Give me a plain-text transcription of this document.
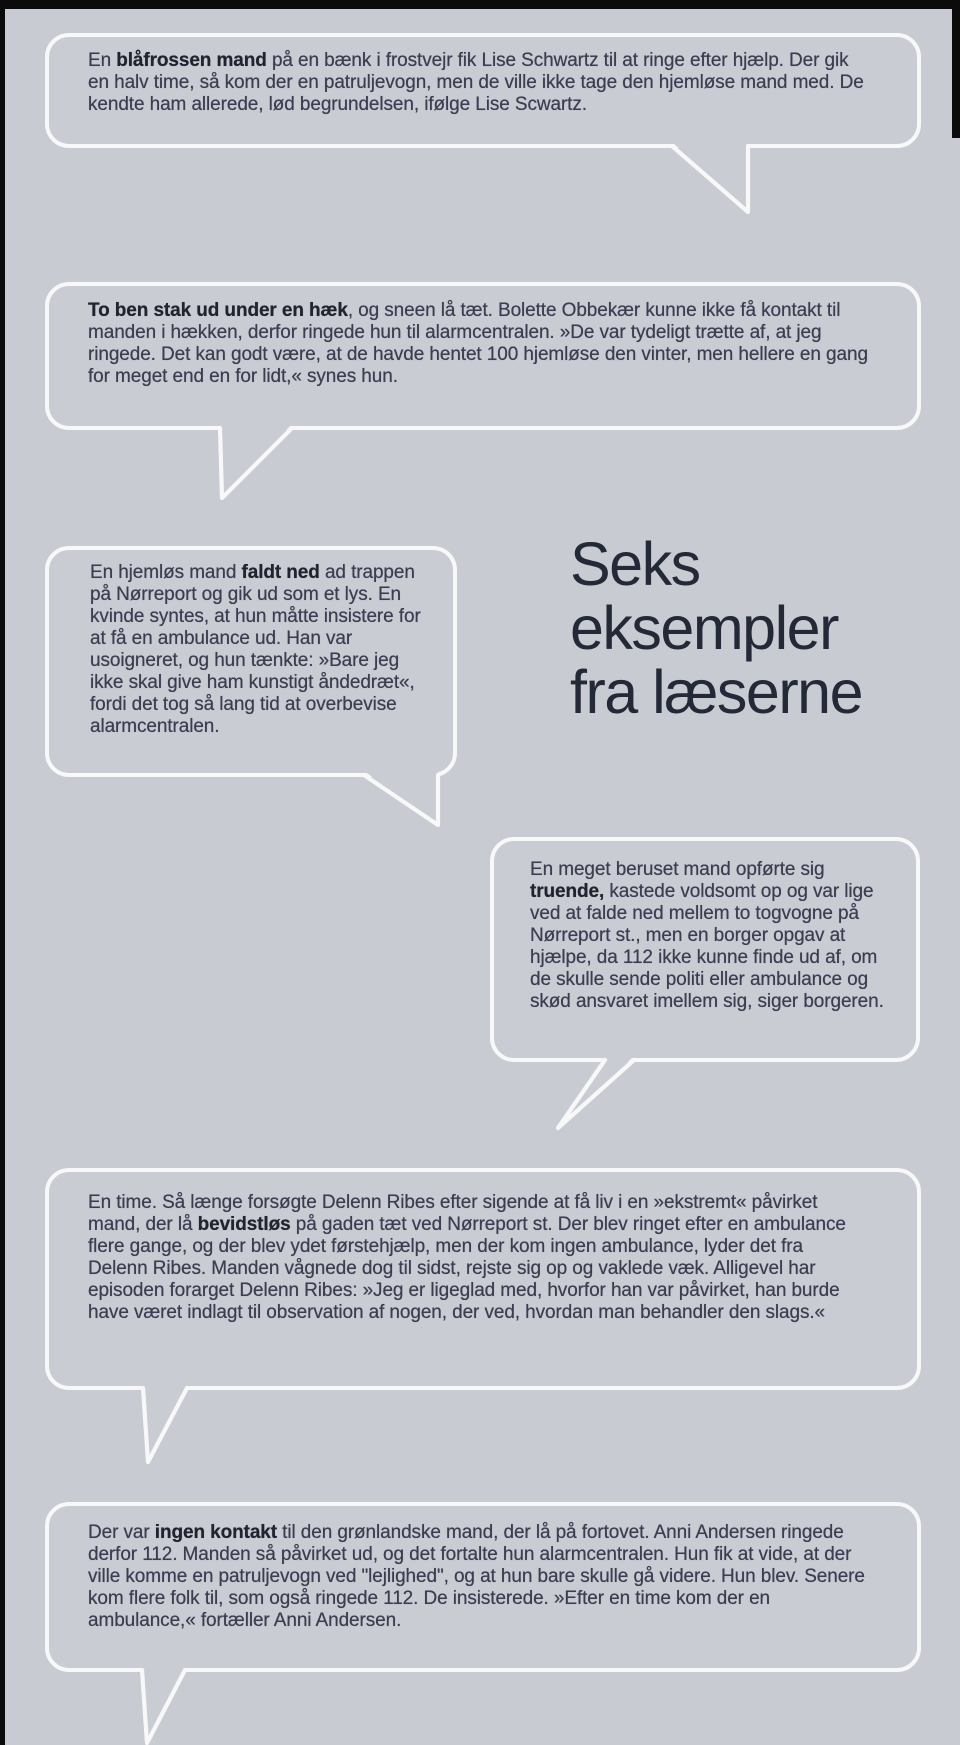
Seks
eksempler
fra læserne
En blåfrossen mand på en bænk i frostvejr fik Lise Schwartz til at ringe efter hjælp. Der gik en halv time, så kom der en patruljevogn, men de ville ikke tage den hjemløse mand med. De kendte ham allerede, lød begrundelsen, ifølge Lise Scwartz.
To ben stak ud under en hæk, og sneen lå tæt. Bolette Obbekær kunne ikke få kontakt til manden i hækken, derfor ringede hun til alarmcentralen. »De var tydeligt trætte af, at jeg ringede. Det kan godt være, at de havde hentet 100 hjemløse den vinter, men hellere en gang for meget end en for lidt,« synes hun.
En hjemløs mand faldt ned ad trappen på Nørreport og gik ud som et lys. En kvinde syntes, at hun måtte insistere for at få en ambulance ud. Han var usoigneret, og hun tænkte: »Bare jeg ikke skal give ham kunstigt åndedræt«, fordi det tog så lang tid at overbevise alarmcentralen.
En meget beruset mand opførte sig truende, kastede voldsomt op og var lige ved at falde ned mellem to togvogne på Nørreport st., men en borger opgav at hjælpe, da 112 ikke kunne finde ud af, om de skulle sende politi eller ambulance og skød ansvaret imellem sig, siger borgeren.
En time. Så længe forsøgte Delenn Ribes efter sigende at få liv i en »ekstremt« påvirket mand, der lå bevidstløs på gaden tæt ved Nørreport st. Der blev ringet efter en ambulance flere gange, og der blev ydet førstehjælp, men der kom ingen ambulance, lyder det fra Delenn Ribes. Manden vågnede dog til sidst, rejste sig op og vaklede væk. Alligevel har episoden forarget Delenn Ribes: »Jeg er ligeglad med, hvorfor han var påvirket, han burde have været indlagt til observation af nogen, der ved, hvordan man behandler den slags.«
Der var ingen kontakt til den grønlandske mand, der lå på fortovet. Anni Andersen ringede derfor 112. Manden så påvirket ud, og det fortalte hun alarmcentralen. Hun fik at vide, at der ville komme en patruljevogn ved "lejlighed", og at hun bare skulle gå videre. Hun blev. Senere kom flere folk til, som også ringede 112. De insisterede. »Efter en time kom der en ambulance,« fortæller Anni Andersen.
